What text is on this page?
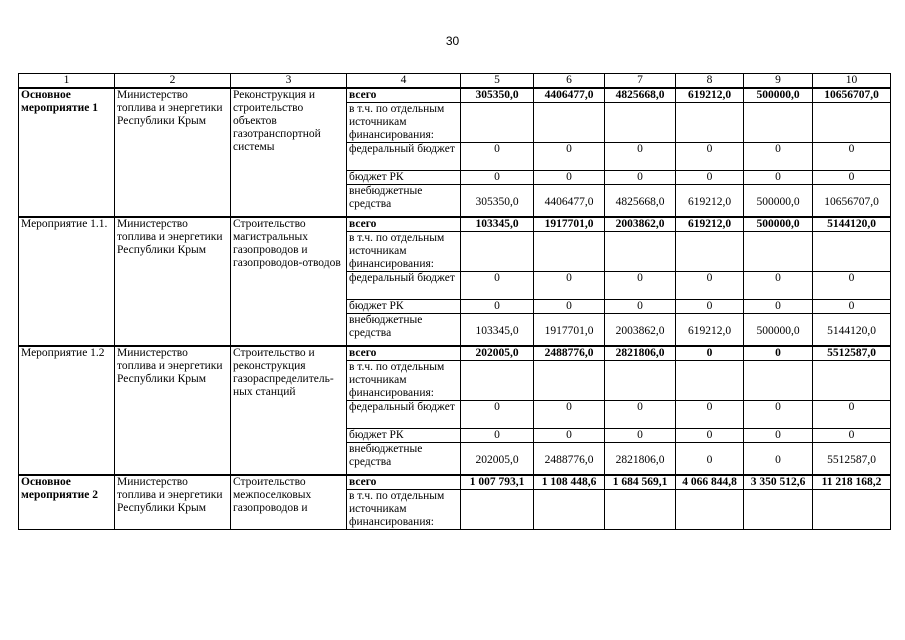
30
1	2	3	4	5	6	7	8	9	10
Основное мероприятие 1	Министерство топлива и энергетики Республики Крым	Реконструкция и строительство объектов газотранспортной системы	всего	305350,0	4406477,0	4825668,0	619212,0	500000,0	10656707,0
			в т.ч. по отдельным источникам финансирования:						
			федеральный бюджет	0	0	0	0	0	0
			бюджет РК	0	0	0	0	0	0
			внебюджетные средства	305350,0	4406477,0	4825668,0	619212,0	500000,0	10656707,0
Мероприятие 1.1.	Министерство топлива и энергетики Республики Крым	Строительство магистральных газопроводов и газопроводов-отводов	всего	103345,0	1917701,0	2003862,0	619212,0	500000,0	5144120,0
			в т.ч. по отдельным источникам финансирования:						
			федеральный бюджет	0	0	0	0	0	0
			бюджет РК	0	0	0	0	0	0
			внебюджетные средства	103345,0	1917701,0	2003862,0	619212,0	500000,0	5144120,0
Мероприятие 1.2	Министерство топлива и энергетики Республики Крым	Строительство и реконструкция газораспределитель-ных станций	всего	202005,0	2488776,0	2821806,0	0	0	5512587,0
			в т.ч. по отдельным источникам финансирования:						
			федеральный бюджет	0	0	0	0	0	0
			бюджет РК	0	0	0	0	0	0
			внебюджетные средства	202005,0	2488776,0	2821806,0	0	0	5512587,0
Основное мероприятие 2	Министерство топлива и энергетики Республики Крым	Строительство межпоселковых газопроводов и	всего	1 007 793,1	1 108 448,6	1 684 569,1	4 066 844,8	3 350 512,6	11 218 168,2
			в т.ч. по отдельным источникам финансирования:						
